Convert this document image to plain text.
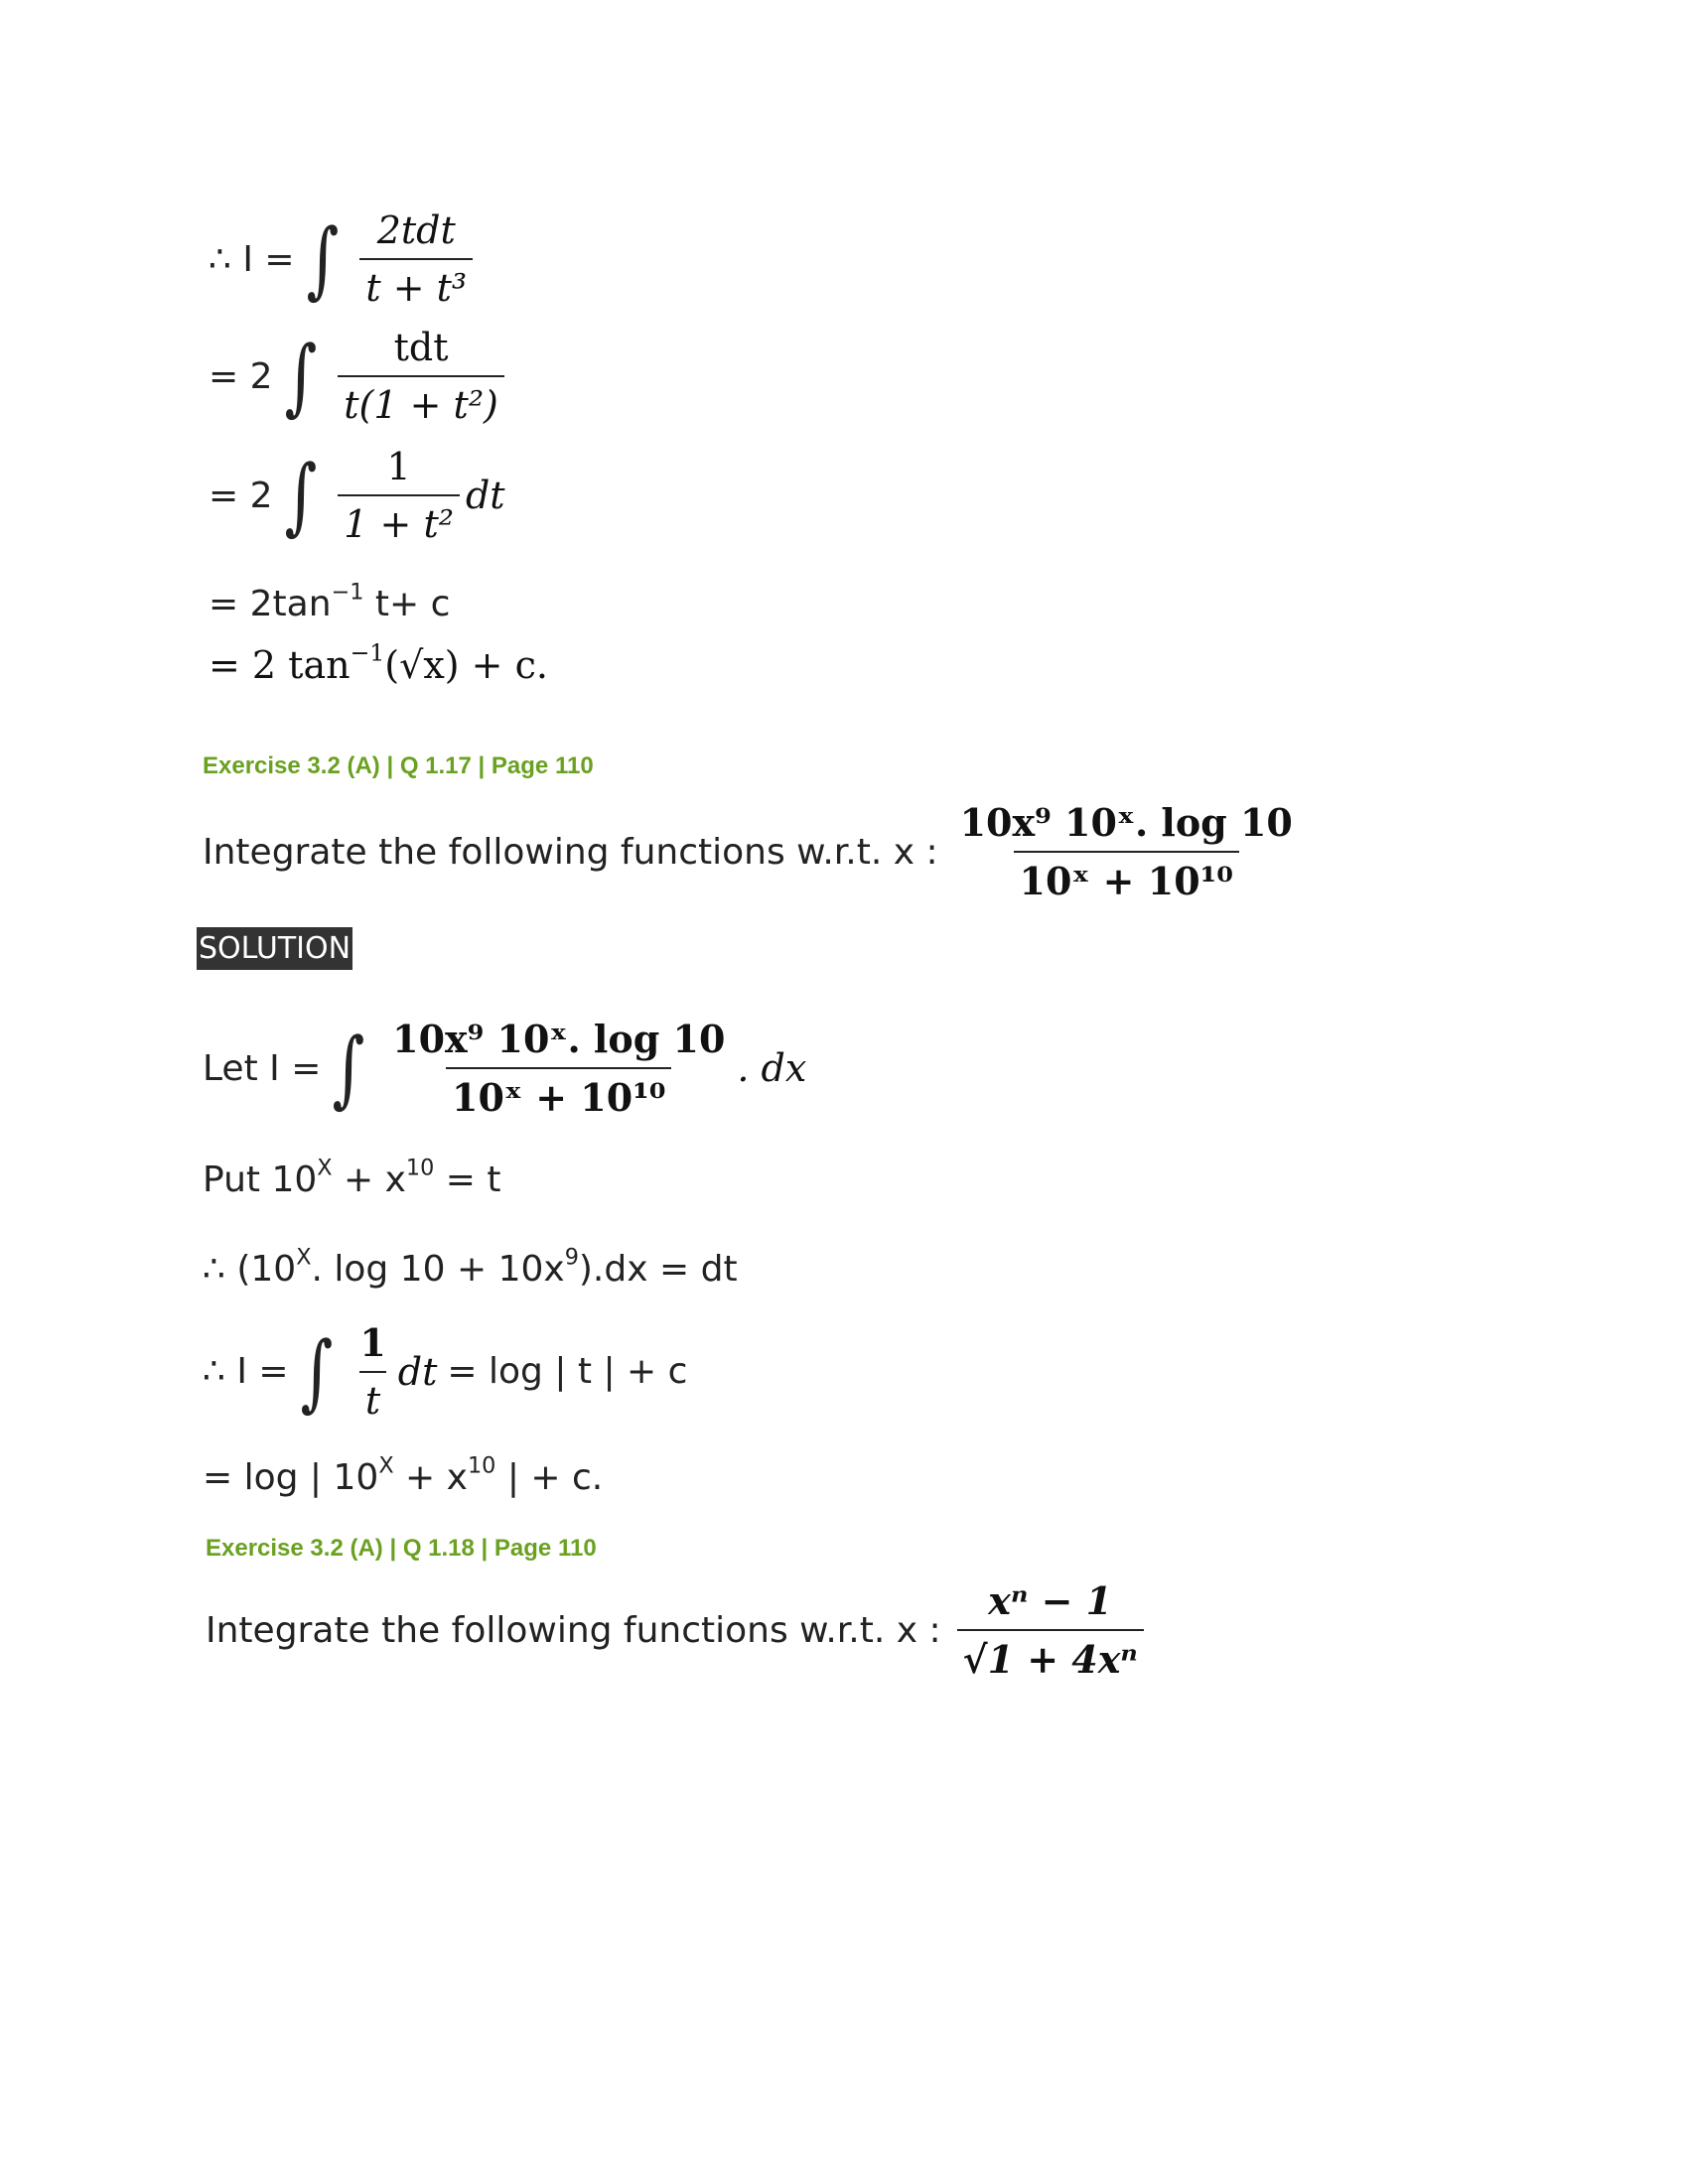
∴ I = ∫ $\frac{\text{2tdt}}{\text{t + t³}}$
= 2 ∫ $\frac{\text{tdt}}{\text{t(1 + t²)}}$
= 2 ∫ $\frac{1}{\text{1 + t²}}$ dt
= $2\tan^{-1}$ t+ c
= 2 $\tan^{-1}(√x) + c$.
Exercise 3.2 (A) | Q 1.17 | Page 110
Integrate the following functions w.r.t. x : $\frac{\text{10x⁹ 10ˣ. log 10}}{\text{10ˣ + 10¹⁰}}$
SOLUTION
Let I = ∫ $\frac{\text{10x⁹ 10ˣ. log 10}}{\text{10ˣ + 10¹⁰}}$ . dx
Put $10^X + x^{10} = t$
∴ ($10^X$. $\log 10 + 10x^9).dx$ = dt
∴ I = ∫ $\frac{1}{t}$ dt = log | t | + c
= log | $10^X + x^{10}$ | + c.
Exercise 3.2 (A) | Q 1.18 | Page 110
Integrate the following functions w.r.t. x : $\frac{\text{xⁿ − 1}}{\text{√1 + 4xⁿ}}$
